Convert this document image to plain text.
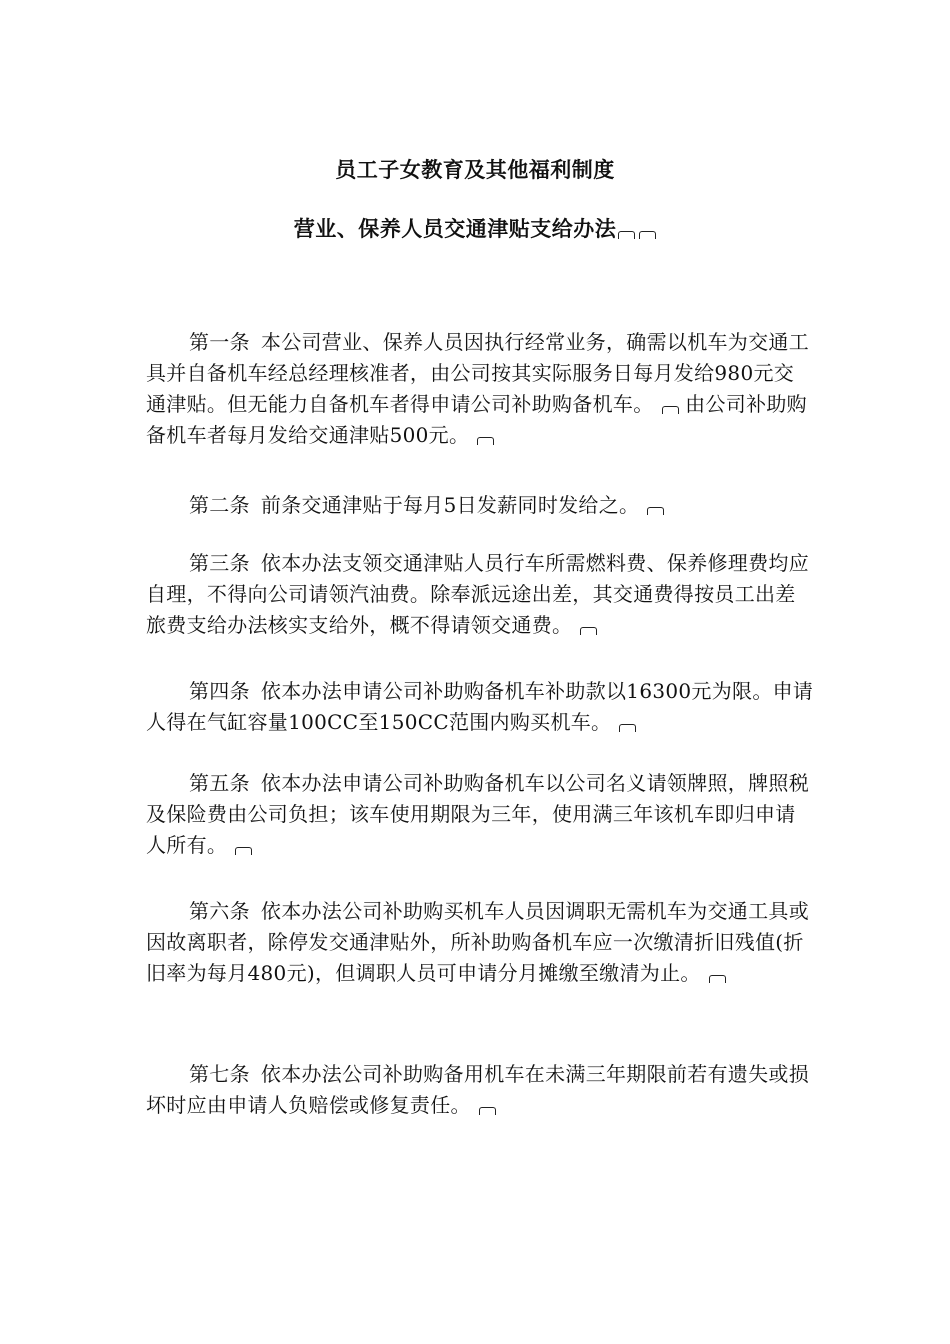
员工子女教育及其他福利制度
营业、保养人员交通津贴支给办法
第一条 本公司营业、保养人员因执行经常业务，确需以机车为交通工具并自备机车经总经理核准者，由公司按其实际服务日每月发给980元交通津贴。但无能力自备机车者得申请公司补助购备机车。 由公司补助购备机车者每月发给交通津贴500元。
第二条 前条交通津贴于每月5日发薪同时发给之。
第三条 依本办法支领交通津贴人员行车所需燃料费、保养修理费均应自理，不得向公司请领汽油费。除奉派远途出差，其交通费得按员工出差旅费支给办法核实支给外，概不得请领交通费。
第四条 依本办法申请公司补助购备机车补助款以16300元为限。申请人得在气缸容量100CC至150CC范围内购买机车。
第五条 依本办法申请公司补助购备机车以公司名义请领牌照，牌照税及保险费由公司负担；该车使用期限为三年，使用满三年该机车即归申请人所有。
第六条 依本办法公司补助购买机车人员因调职无需机车为交通工具或因故离职者，除停发交通津贴外，所补助购备机车应一次缴清折旧残值(折旧率为每月480元)，但调职人员可申请分月摊缴至缴清为止。
第七条 依本办法公司补助购备用机车在未满三年期限前若有遗失或损坏时应由申请人负赔偿或修复责任。
